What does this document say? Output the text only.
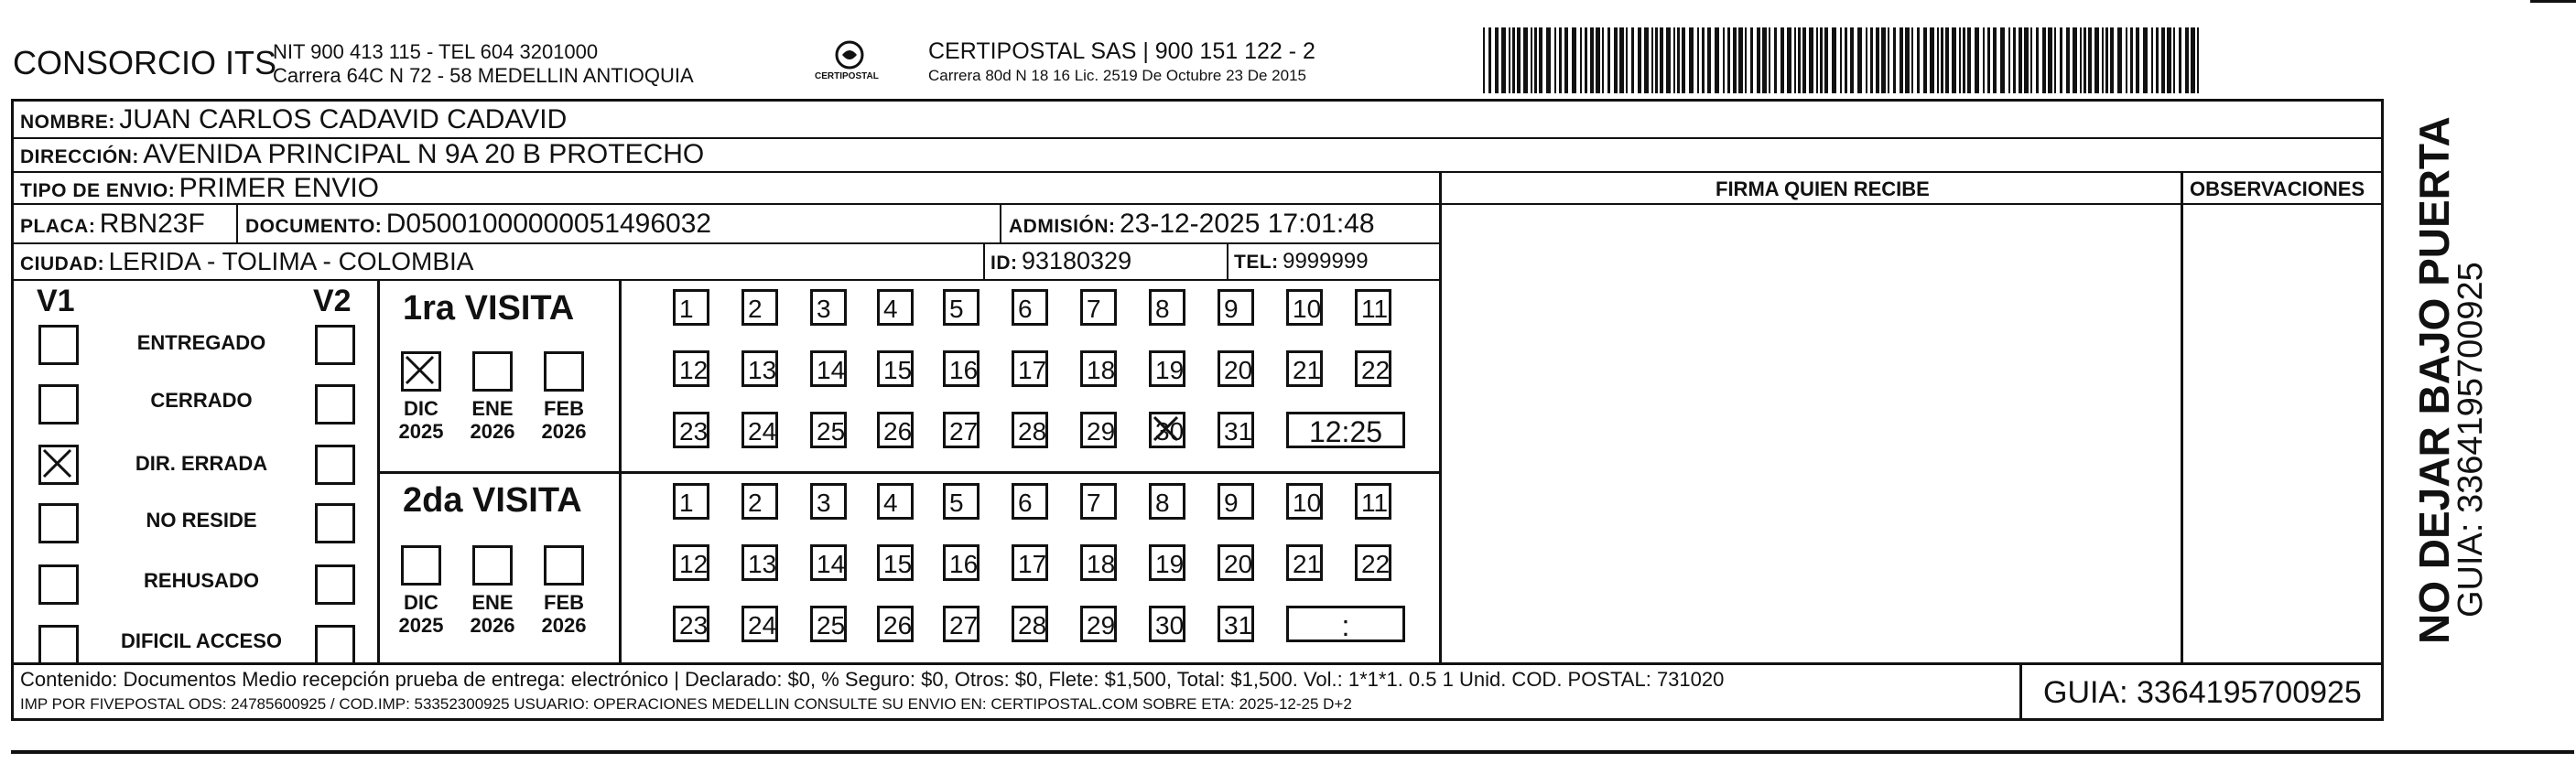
CONSORCIO ITS
NIT 900 413 115 - TEL 604 3201000
Carrera 64C N 72 - 58 MEDELLIN ANTIOQUIA	CERTIPOSTAL
CERTIPOSTAL SAS | 900 151 122 - 2
Carrera 80d N 18 16 Lic. 2519 De Octubre 23 De 2015
NOMBRE: JUAN CARLOS CADAVID CADAVID
DIRECCIÓN: AVENIDA PRINCIPAL N 9A 20 B PROTECHO
TIPO DE ENVIO: PRIMER ENVIO	FIRMA QUIEN RECIBE	OBSERVACIONES
PLACA: RBN23F DOCUMENTO: D0500100000005149603​2	ADMISIÓN: 23-12-2025 17:01:48
CIUDAD: LERIDA - TOLIMA - COLOMBIA	ID: 93180329	TEL: 9999999
V1	V2
ENTREGADO
CERRADO
DIR. ERRADA
NO RESIDE
REHUSADO
DIFICIL ACCESO
1ra VISITA
2da VISITA
DIC
2025
ENE
2026
FEB
2026
1 2 3 4 5 6 7 8 9 10 11
12 13 14 15 16 17 18 19 20 21 22
23 24 25 26 27 28 29 30 31	12:25
DIC
2025
ENE
2026
FEB
2026
1 2 3 4 5 6 7 8 9 10 11
12 13 14 15 16 17 18 19 20 21 22
23 24 25 26 27 28 29 30 31	:
Contenido: Documentos Medio recepción prueba de entrega: electrónico | Declarado: $0, % Seguro: $0, Otros: $0, Flete: $1,500, Total: $1,500. Vol.: 1*1*1. 0.5 1 Unid. COD. POSTAL: 731020
IMP POR FIVEPOSTAL ODS: 24785600925 / COD.IMP: 53352300925 USUARIO: OPERACIONES MEDELLIN CONSULTE SU ENVIO EN: CERTIPOSTAL.COM SOBRE ETA: 2025-12-25 D+2	GUIA: 3364195700925
NO DEJAR BAJO PUERTA
GUIA: 3364195700925
